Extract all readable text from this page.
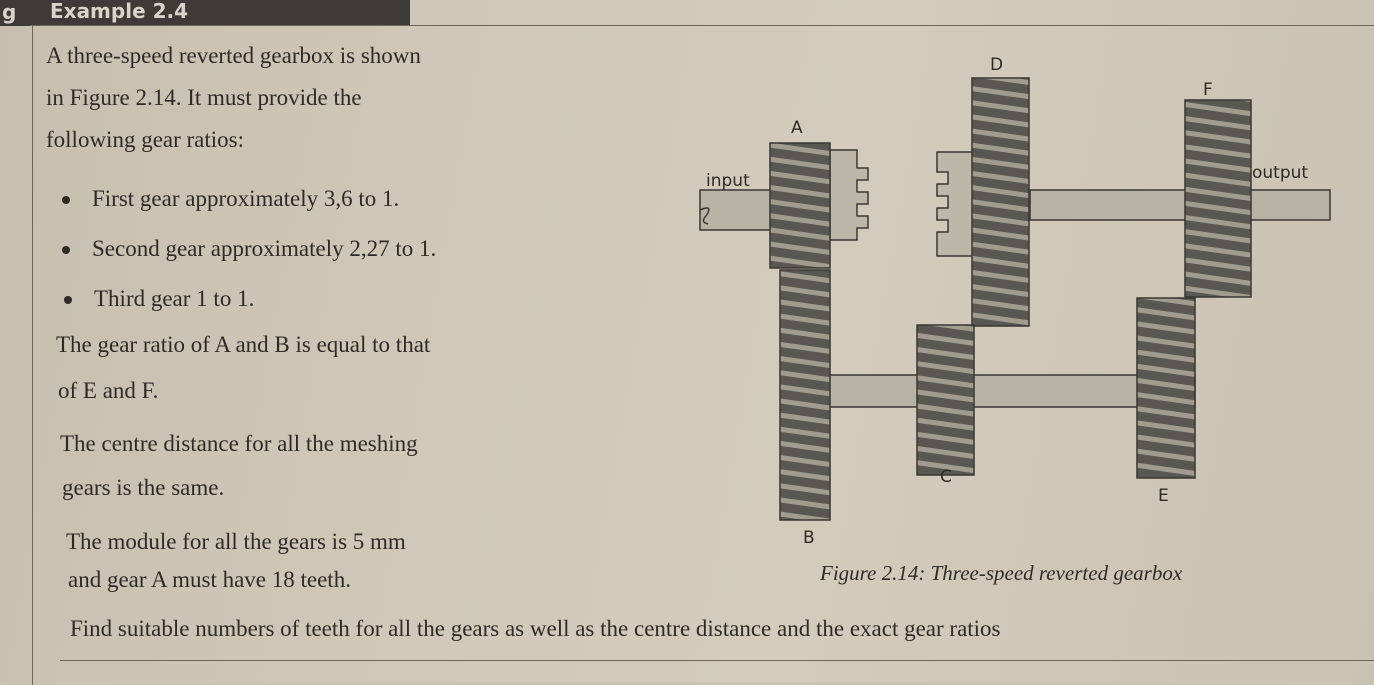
g Example 2.4
A three-speed reverted gearbox is shown
in Figure 2.14. It must provide the
following gear ratios:
First gear approximately 3,6 to 1.
Second gear approximately 2,27 to 1.
Third gear 1 to 1.
The gear ratio of A and B is equal to that
of E and F.
The centre distance for all the meshing
gears is the same.
The module for all the gears is 5 mm
and gear A must have 18 teeth.
A
B
C
D
E
F
input	output
Figure 2.14: Three-speed reverted gearbox
Find suitable numbers of teeth for all the gears as well as the centre distance and the exact gear ratios
